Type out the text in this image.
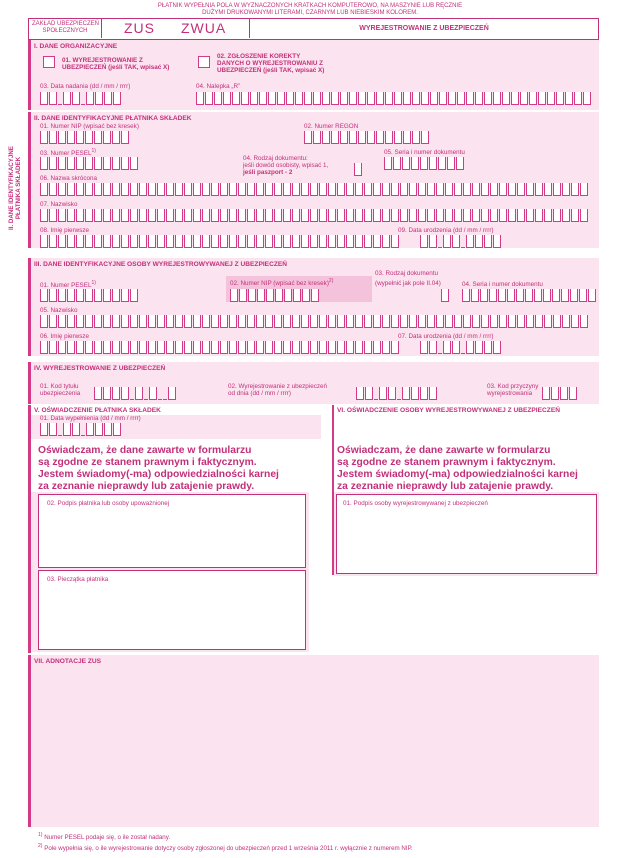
PŁATNIK WYPEŁNIA POLA W WYZNACZONYCH KRATKACH KOMPUTEROWO, NA MASZYNIE LUB RĘCZNIE
DUŻYMI DRUKOWANYMI LITERAMI, CZARNYM LUB NIEBIESKIM KOLOREM.
ZAKŁAD UBEZPIECZEŃ
SPOŁECZNYCH	ZUS ZWUA	WYREJESTROWANIE Z UBEZPIECZEŃ
I. DANE ORGANIZACYJNE
01. WYREJESTROWANIE Z
UBEZPIECZEŃ (jeśli TAK, wpisać X)
02. ZGŁOSZENIE KOREKTY
DANYCH O WYREJESTROWANIU Z
UBEZPIECZEŃ (jeśli TAK, wpisać X)
03. Data nadania (dd / mm / rrrr)	04. Nalepka „R”
II. DANE IDENTYFIKACYJNE PŁATNIKA SKŁADEK
II. DANE IDENTYFIKACYJNE PŁATNIKA SKŁADEK
01. Numer NIP (wpisać bez kresek)	02. Numer REGON
03. Numer PESEL$^{1)}$
04. Rodzaj dokumentu:
jeśli dowód osobisty, wpisać 1,
jeśli paszport - 2
05. Seria i numer dokumentu
06. Nazwa skrócona
07. Nazwisko
08. Imię pierwsze	09. Data urodzenia (dd / mm / rrrr)
III. DANE IDENTYFIKACYJNE OSOBY WYREJESTROWYWANEJ Z UBEZPIECZEŃ
01. Numer PESEL$^{1)}$	02. Numer NIP (wpisać bez kresek)$^{2)}$
03. Rodzaj dokumentu
(wypełnić jak pole II.04)	04. Seria i numer dokumentu
05. Nazwisko
06. Imię pierwsze	07. Data urodzenia (dd / mm / rrrr)
IV. WYREJESTROWANIE Z UBEZPIECZEŃ
01. Kod tytułu
ubezpieczenia
02. Wyrejestrowanie z ubezpieczeń
od dnia (dd / mm / rrrr)
03. Kod przyczyny
wyrejestrowania
V. OŚWIADCZENIE PŁATNIKA SKŁADEK
01. Data wypełnienia (dd / mm / rrrr)
Oświadczam, że dane zawarte w formularzu
są zgodne ze stanem prawnym i faktycznym.
Jestem świadomy(-ma) odpowiedzialności karnej
za zeznanie nieprawdy lub zatajenie prawdy.
02. Podpis płatnika lub osoby upoważnionej
03. Pieczątka płatnika
VI. OŚWIADCZENIE OSOBY WYREJESTROWYWANEJ Z UBEZPIECZEŃ
Oświadczam, że dane zawarte w formularzu
są zgodne ze stanem prawnym i faktycznym.
Jestem świadomy(-ma) odpowiedzialności karnej
za zeznanie nieprawdy lub zatajenie prawdy.
01. Podpis osoby wyrejestrowywanej z ubezpieczeń
VII. ADNOTACJE ZUS
$^{1)}$ Numer PESEL podaje się, o ile został nadany.
$^{2)}$ Pole wypełnia się, o ile wyrejestrowanie dotyczy osoby zgłoszonej do ubezpieczeń przed 1 września 2011 r. wyłącznie z numerem NIP.
